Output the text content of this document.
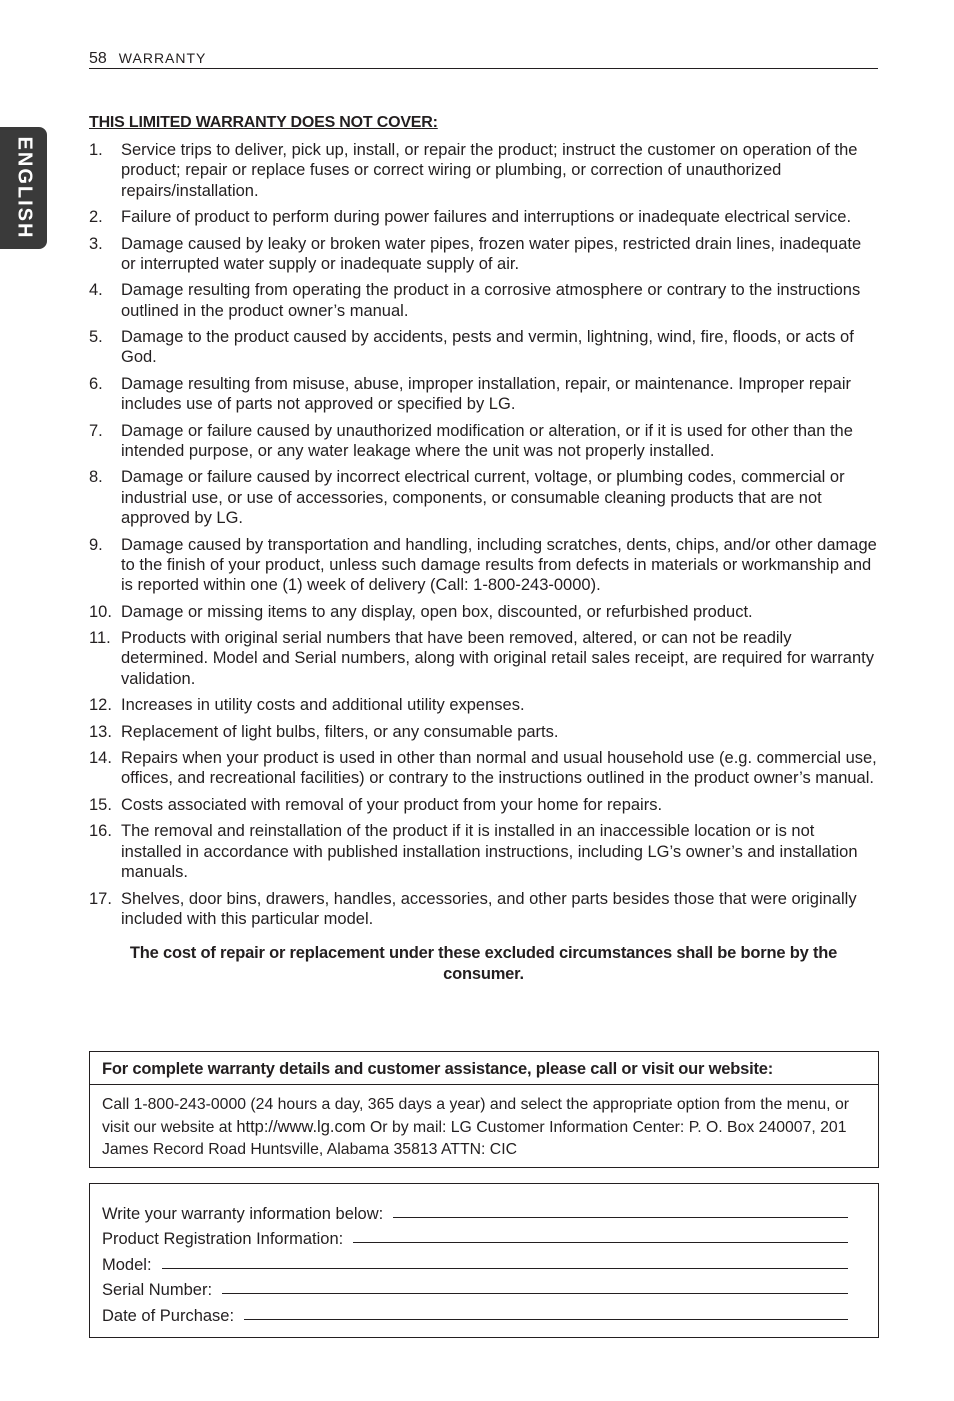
58 WARRANTY
ENGLISH
THIS LIMITED WARRANTY DOES NOT COVER:
1.	Service trips to deliver, pick up, install, or repair the product; instruct the customer on operation of the product; repair or replace fuses or correct wiring or plumbing, or correction of unauthorized repairs/installation.
2.	Failure of product to perform during power failures and interruptions or inadequate electrical service.
3.	Damage caused by leaky or broken water pipes, frozen water pipes, restricted drain lines, inadequate or interrupted water supply or inadequate supply of air.
4.	Damage resulting from operating the product in a corrosive atmosphere or contrary to the instructions outlined in the product owner’s manual.
5.	Damage to the product caused by accidents, pests and vermin, lightning, wind, fire, floods, or acts of God.
6.	Damage resulting from misuse, abuse, improper installation, repair, or maintenance. Improper repair includes use of parts not approved or specified by LG.
7.	Damage or failure caused by unauthorized modification or alteration, or if it is used for other than the intended purpose, or any water leakage where the unit was not properly installed.
8.	Damage or failure caused by incorrect electrical current, voltage, or plumbing codes, commercial or industrial use, or use of accessories, components, or consumable cleaning products that are not approved by LG.
9.	Damage caused by transportation and handling, including scratches, dents, chips, and/or other damage to the finish of your product, unless such damage results from defects in materials or workmanship and is reported within one (1) week of delivery (Call: 1-800-243-0000).
10. Damage or missing items to any display, open box, discounted, or refurbished product.
11. Products with original serial numbers that have been removed, altered, or can not be readily determined. Model and Serial numbers, along with original retail sales receipt, are required for warranty validation.
12. Increases in utility costs and additional utility expenses.
13. Replacement of light bulbs, filters, or any consumable parts.
14. Repairs when your product is used in other than normal and usual household use (e.g. commercial use, offices, and recreational facilities) or contrary to the instructions outlined in the product owner’s manual.
15. Costs associated with removal of your product from your home for repairs.
16. The removal and reinstallation of the product if it is installed in an inaccessible location or is not installed in accordance with published installation instructions, including LG’s owner’s and installation manuals.
17. Shelves, door bins, drawers, handles, accessories, and other parts besides those that were originally included with this particular model.
The cost of repair or replacement under these excluded circumstances shall be borne by the consumer.
For complete warranty details and customer assistance, please call or visit our website:
Call 1-800-243-0000 (24 hours a day, 365 days a year) and select the appropriate option from the menu, or visit our website at http://www.lg.com Or by mail: LG Customer Information Center: P. O. Box 240007, 201 James Record Road Huntsville, Alabama 35813 ATTN: CIC
Write your warranty information below:
Product Registration Information:
Model:
Serial Number:
Date of Purchase:
